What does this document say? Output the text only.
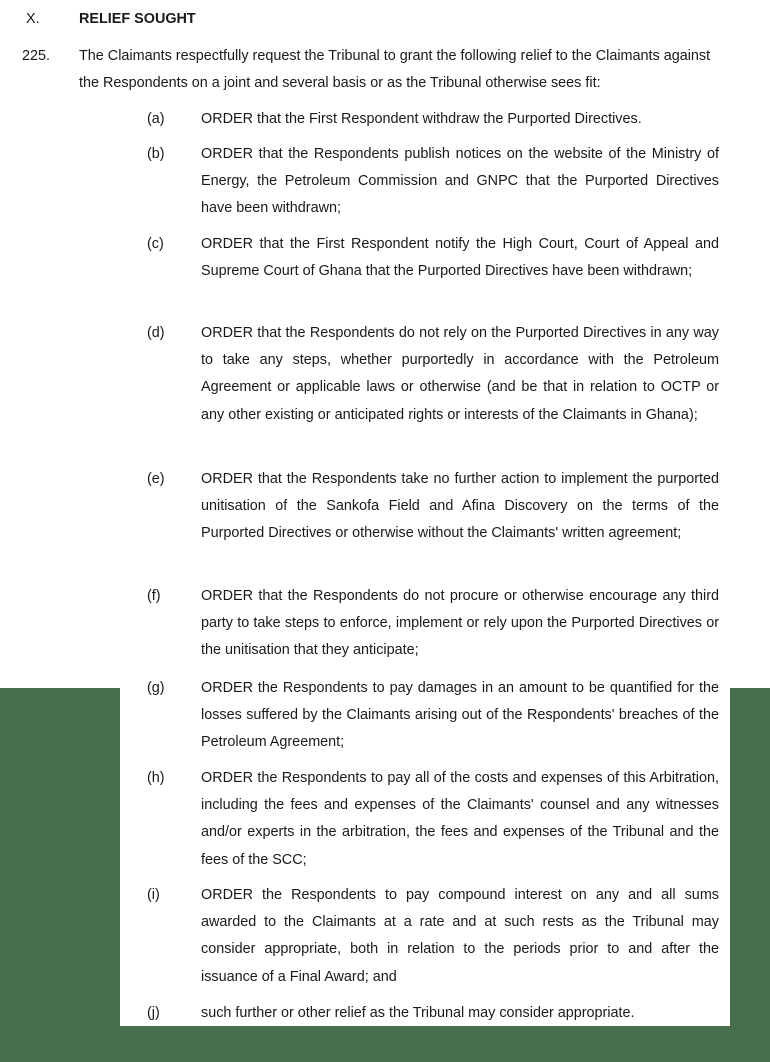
X.	RELIEF SOUGHT
225. The Claimants respectfully request the Tribunal to grant the following relief to the Claimants against the Respondents on a joint and several basis or as the Tribunal otherwise sees fit:
(a)	ORDER that the First Respondent withdraw the Purported Directives.
(b)	ORDER that the Respondents publish notices on the website of the Ministry of Energy, the Petroleum Commission and GNPC that the Purported Directives have been withdrawn;
(c)	ORDER that the First Respondent notify the High Court, Court of Appeal and Supreme Court of Ghana that the Purported Directives have been withdrawn;
(d)	ORDER that the Respondents do not rely on the Purported Directives in any way to take any steps, whether purportedly in accordance with the Petroleum Agreement or applicable laws or otherwise (and be that in relation to OCTP or any other existing or anticipated rights or interests of the Claimants in Ghana);
(e)	ORDER that the Respondents take no further action to implement the purported unitisation of the Sankofa Field and Afina Discovery on the terms of the Purported Directives or otherwise without the Claimants' written agreement;
(f)	ORDER that the Respondents do not procure or otherwise encourage any third party to take steps to enforce, implement or rely upon the Purported Directives or the unitisation that they anticipate;
(g)	ORDER the Respondents to pay damages in an amount to be quantified for the losses suffered by the Claimants arising out of the Respondents' breaches of the Petroleum Agreement;
(h)	ORDER the Respondents to pay all of the costs and expenses of this Arbitration, including the fees and expenses of the Claimants' counsel and any witnesses and/or experts in the arbitration, the fees and expenses of the Tribunal and the fees of the SCC;
(i)	ORDER the Respondents to pay compound interest on any and all sums awarded to the Claimants at a rate and at such rests as the Tribunal may consider appropriate, both in relation to the periods prior to and after the issuance of a Final Award; and
(j)	such further or other relief as the Tribunal may consider appropriate.
